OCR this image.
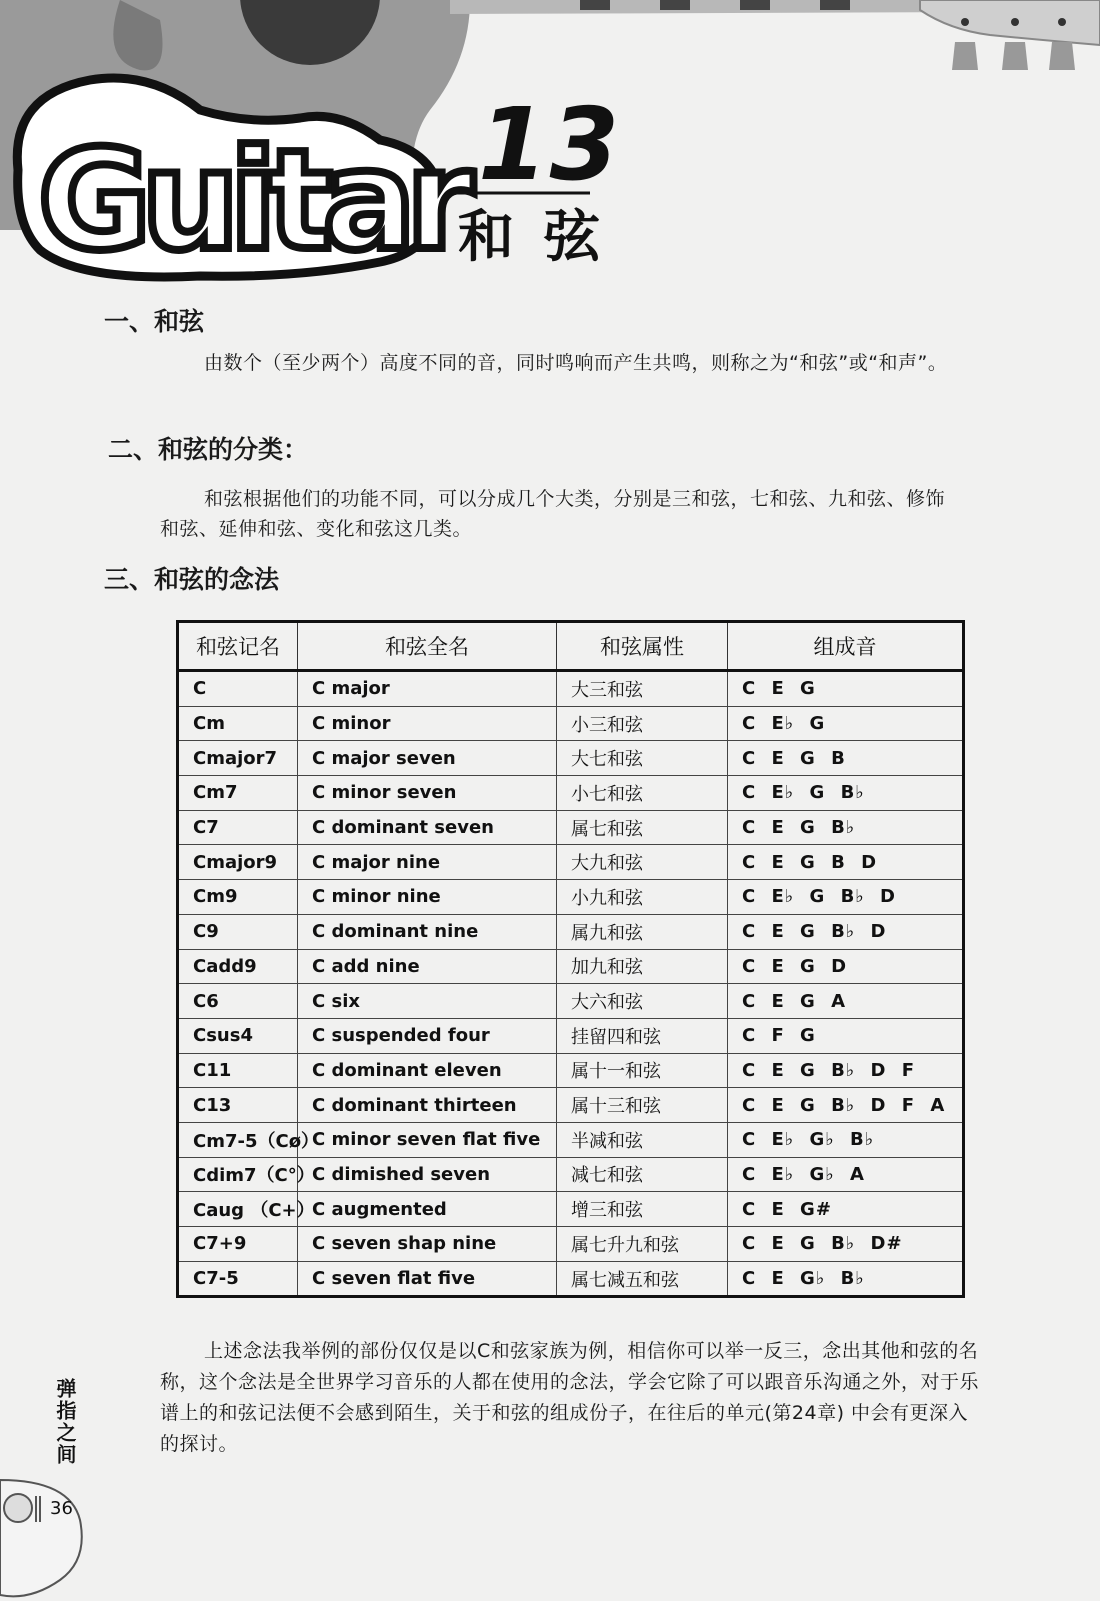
Guitar 13

和弦

一、和弦

由数个（至少两个）高度不同的音，同时鸣响而产生共鸣，则称之为“和弦”或“和声”。

二、和弦的分类：

和弦根据他们的功能不同，可以分成几个大类，分别是三和弦，七和弦、九和弦、修饰和弦、延伸和弦、变化和弦这几类。

三、和弦的念法
和弦记名	和弦全名	和弦属性	组成音
C	C major	大三和弦	C E G
Cm	C minor	小三和弦	C E♭ G
Cmajor7	C major seven	大七和弦	C E G B
Cm7	C minor seven	小七和弦	C E♭ G B♭
C7	C dominant seven	属七和弦	C E G B♭
Cmajor9	C major nine	大九和弦	C E G B D
Cm9	C minor nine	小九和弦	C E♭ G B♭ D
C9	C dominant nine	属九和弦	C E G B♭ D
Cadd9	C add nine	加九和弦	C E G D
C6	C six	大六和弦	C E G A
Csus4	C suspended four	挂留四和弦	C F G
C11	C dominant eleven	属十一和弦	C E G B♭ D F
C13	C dominant thirteen	属十三和弦	C E G B♭ D F A
Cm7-5（Cø）	C minor seven flat five	半减和弦	C E♭ G♭ B♭
Cdim7（C°）	C dimished seven	减七和弦	C E♭ G♭ A
Caug （C+）	C augmented	增三和弦	C E G#
C7+9	C seven shap nine	属七升九和弦	C E G B♭ D#
C7-5	C seven flat five	属七减五和弦	C E G♭ B♭

上述念法我举例的部份仅仅是以C和弦家族为例，相信你可以举一反三，念出其他和弦的名称，这个念法是全世界学习音乐的人都在使用的念法，学会它除了可以跟音乐沟通之外，对于乐谱上的和弦记法便不会感到陌生，关于和弦的组成份子，在往后的单元(第24章) 中会有更深入的探讨。

弹指之间

36
